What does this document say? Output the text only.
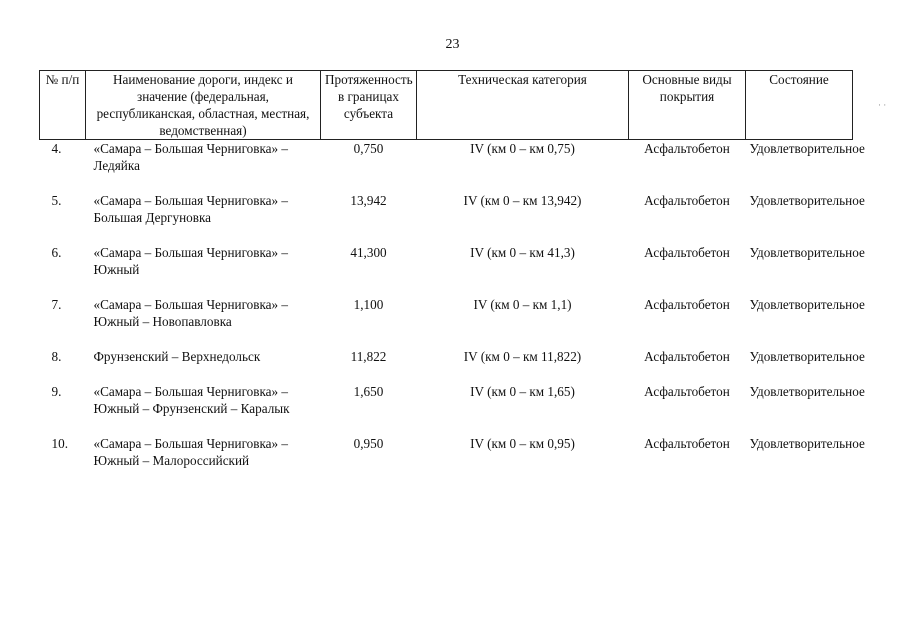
23
№ п/п	Наименование дороги, индекс и значение (федеральная, республиканская, областная, местная, ведомственная)	Протяженность в границах субъекта	Техническая категория	Основные виды покрытия	Состояние
4.	«Самара – Большая Черниговка» – Ледяйка	0,750	IV (км 0 – км 0,75)	Асфальтобетон	Удовлетворительное
5.	«Самара – Большая Черниговка» – Большая Дергуновка	13,942	IV (км 0 – км 13,942)	Асфальтобетон	Удовлетворительное
6.	«Самара – Большая Черниговка» – Южный	41,300	IV (км 0 – км 41,3)	Асфальтобетон	Удовлетворительное
7.	«Самара – Большая Черниговка» – Южный – Новопавловка	1,100	IV (км 0 – км 1,1)	Асфальтобетон	Удовлетворительное
8.	Фрунзенский – Верхнедольск	11,822	IV (км 0 – км 11,822)	Асфальтобетон	Удовлетворительное
9.	«Самара – Большая Черниговка» – Южный – Фрунзенский – Каралык	1,650	IV (км 0 – км 1,65)	Асфальтобетон	Удовлетворительное
10.	«Самара – Большая Черниговка» – Южный – Малороссийский	0,950	IV (км 0 – км 0,95)	Асфальтобетон	Удовлетворительное
· ·
